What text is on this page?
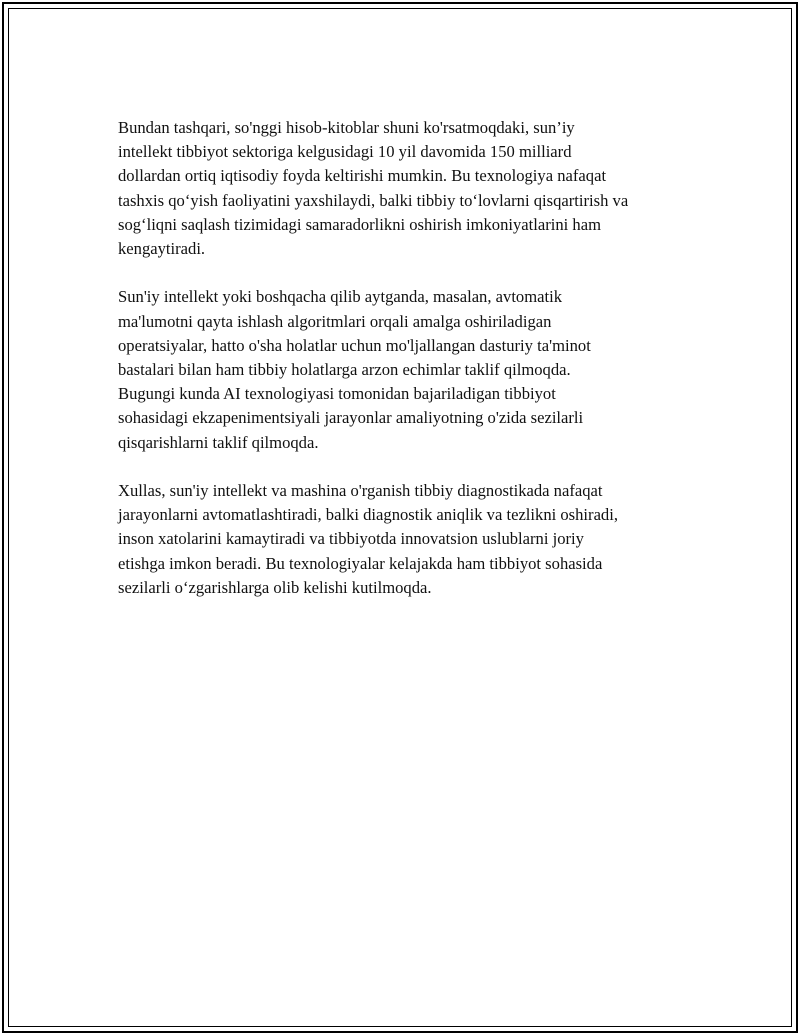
Bundan tashqari, so'nggi hisob-kitoblar shuni ko'rsatmoqdaki, sun’iy
intellekt tibbiyot sektoriga kelgusidagi 10 yil davomida 150 milliard
dollardan ortiq iqtisodiy foyda keltirishi mumkin. Bu texnologiya nafaqat
tashxis qo‘yish faoliyatini yaxshilaydi, balki tibbiy to‘lovlarni qisqartirish va
sog‘liqni saqlash tizimidagi samaradorlikni oshirish imkoniyatlarini ham
kengaytiradi.

Sun'iy intellekt yoki boshqacha qilib aytganda, masalan, avtomatik
ma'lumotni qayta ishlash algoritmlari orqali amalga oshiriladigan
operatsiyalar, hatto o'sha holatlar uchun mo'ljallangan dasturiy ta'minot
bastalari bilan ham tibbiy holatlarga arzon echimlar taklif qilmoqda.
Bugungi kunda AI texnologiyasi tomonidan bajariladigan tibbiyot
sohasidagi ekzapenimentsiyali jarayonlar amaliyotning o'zida sezilarli
qisqarishlarni taklif qilmoqda.

Xullas, sun'iy intellekt va mashina o'rganish tibbiy diagnostikada nafaqat
jarayonlarni avtomatlashtiradi, balki diagnostik aniqlik va tezlikni oshiradi,
inson xatolarini kamaytiradi va tibbiyotda innovatsion uslublarni joriy
etishga imkon beradi. Bu texnologiyalar kelajakda ham tibbiyot sohasida
sezilarli o‘zgarishlarga olib kelishi kutilmoqda.
